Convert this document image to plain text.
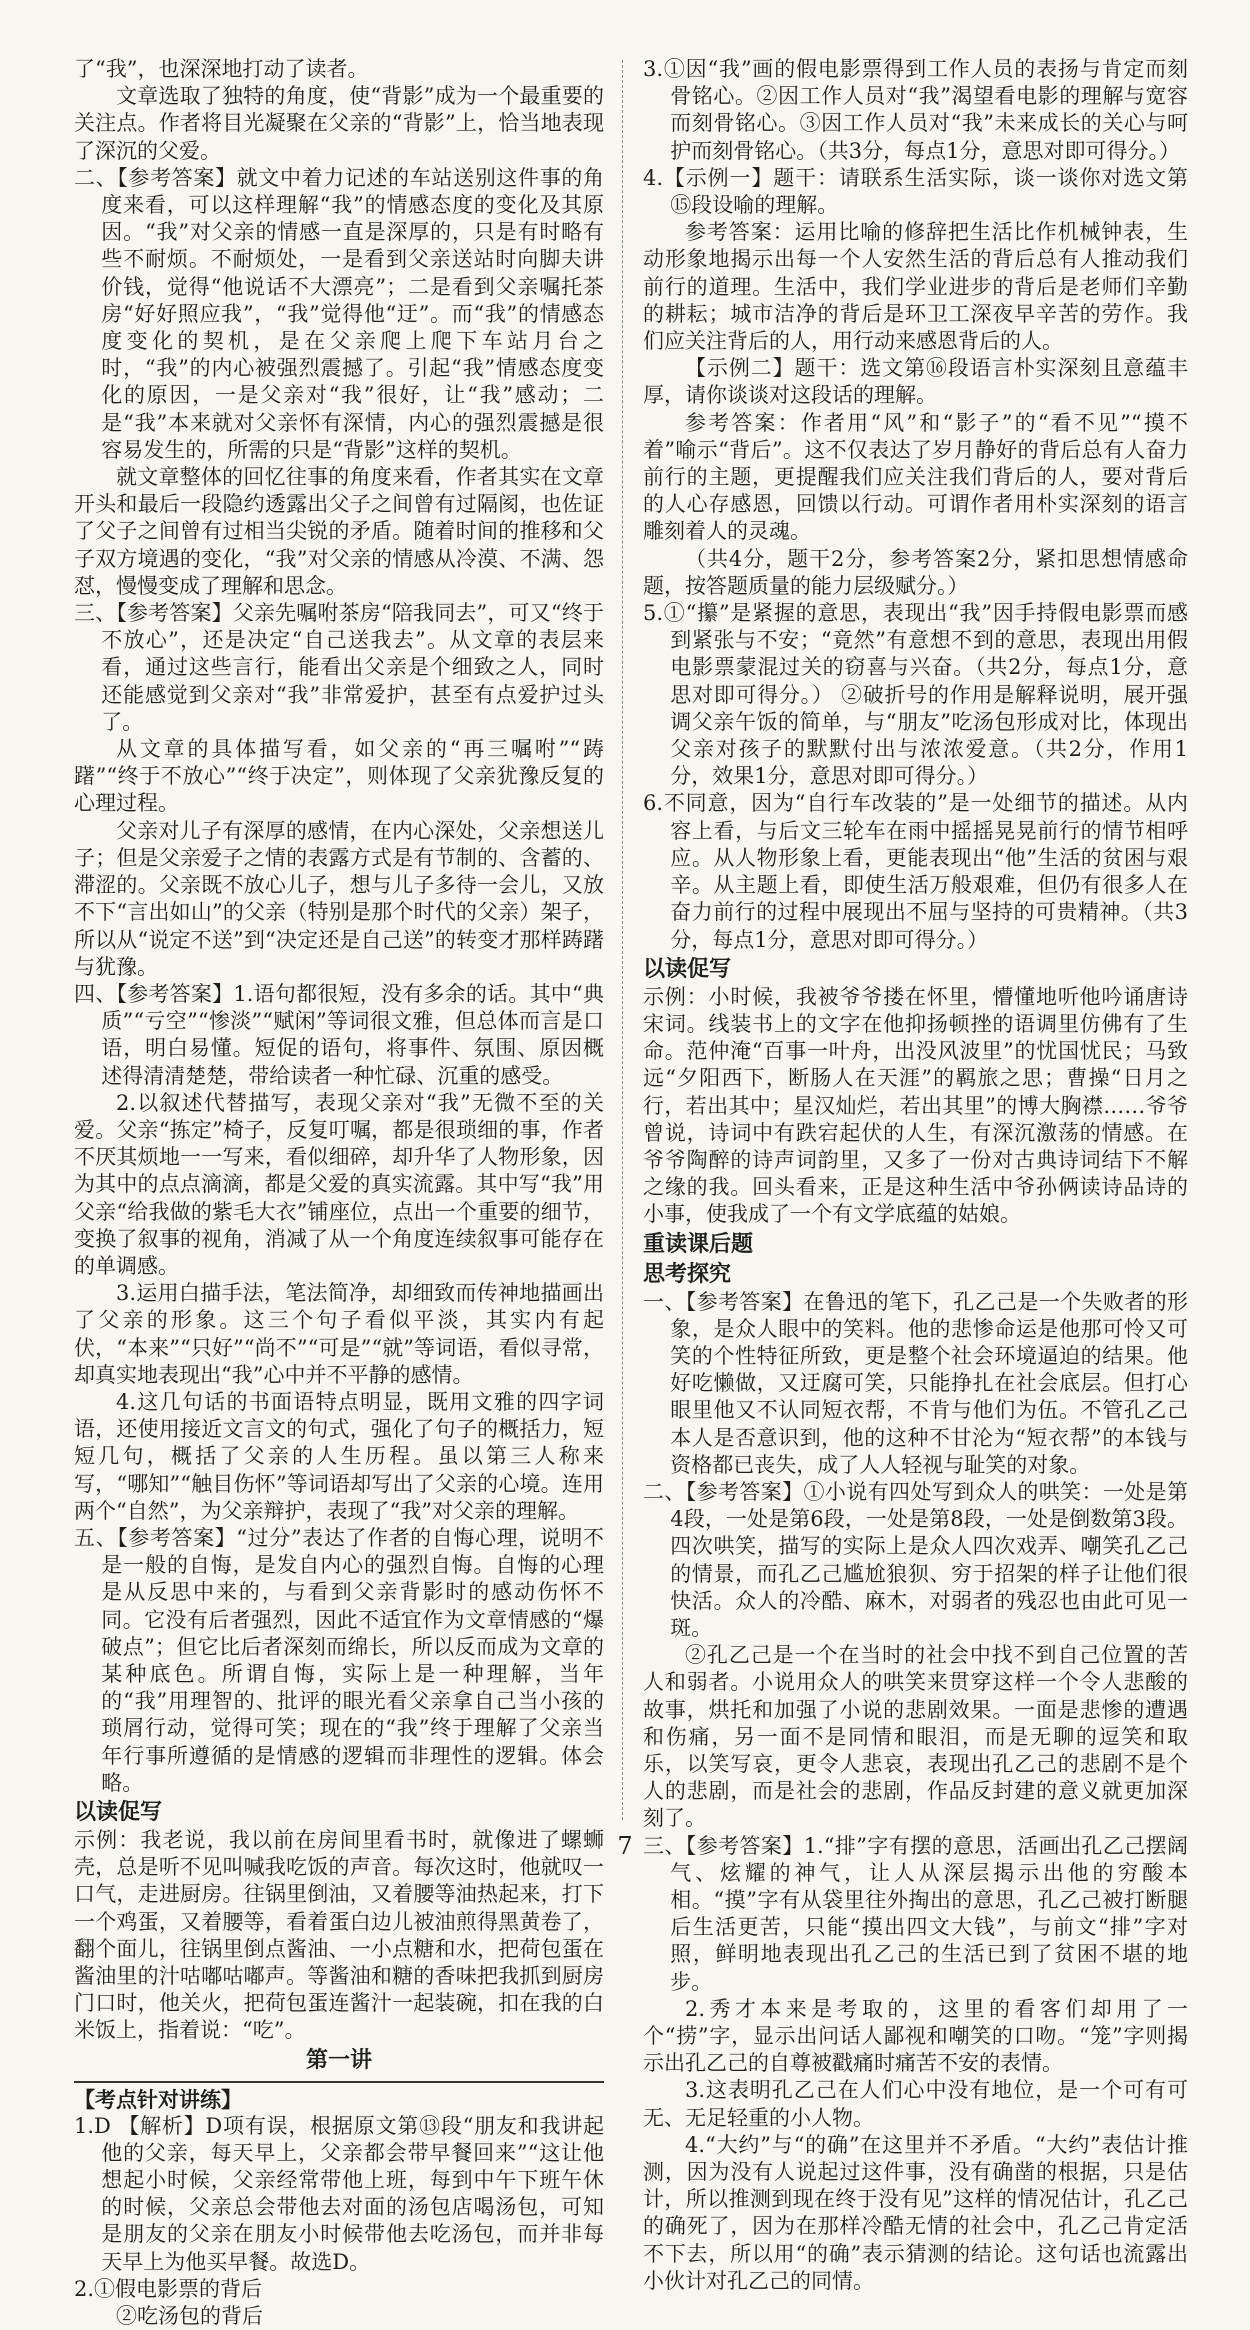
了“我”，也深深地打动了读者。

文章选取了独特的角度，使“背影”成为一个最重要的关注点。作者将目光凝聚在父亲的“背影”上，恰当地表现了深沉的父爱。

二、【参考答案】就文中着力记述的车站送别这件事的角度来看，可以这样理解“我”的情感态度的变化及其原因。“我”对父亲的情感一直是深厚的，只是有时略有些不耐烦。不耐烦处，一是看到父亲送站时向脚夫讲价钱，觉得“他说话不大漂亮”；二是看到父亲嘱托茶房“好好照应我”，“我”觉得他“迂”。而“我”的情感态度变化的契机，是在父亲爬上爬下车站月台之时，“我”的内心被强烈震撼了。引起“我”情感态度变化的原因，一是父亲对“我”很好，让“我”感动；二是“我”本来就对父亲怀有深情，内心的强烈震撼是很容易发生的，所需的只是“背影”这样的契机。

就文章整体的回忆往事的角度来看，作者其实在文章开头和最后一段隐约透露出父子之间曾有过隔阂，也佐证了父子之间曾有过相当尖锐的矛盾。随着时间的推移和父子双方境遇的变化，“我”对父亲的情感从冷漠、不满、怨怼，慢慢变成了理解和思念。

三、【参考答案】父亲先嘱咐茶房“陪我同去”，可又“终于不放心”，还是决定“自己送我去”。从文章的表层来看，通过这些言行，能看出父亲是个细致之人，同时还能感觉到父亲对“我”非常爱护，甚至有点爱护过头了。

从文章的具体描写看，如父亲的“再三嘱咐”“踌躇”“终于不放心”“终于决定”，则体现了父亲犹豫反复的心理过程。

父亲对儿子有深厚的感情，在内心深处，父亲想送儿子；但是父亲爱子之情的表露方式是有节制的、含蓄的、滞涩的。父亲既不放心儿子，想与儿子多待一会儿，又放不下“言出如山”的父亲（特别是那个时代的父亲）架子，所以从“说定不送”到“决定还是自己送”的转变才那样踌躇与犹豫。

四、【参考答案】1.语句都很短，没有多余的话。其中“典质”“亏空”“惨淡”“赋闲”等词很文雅，但总体而言是口语，明白易懂。短促的语句，将事件、氛围、原因概述得清清楚楚，带给读者一种忙碌、沉重的感受。

2.以叙述代替描写，表现父亲对“我”无微不至的关爱。父亲“拣定”椅子，反复叮嘱，都是很琐细的事，作者不厌其烦地一一写来，看似细碎，却升华了人物形象，因为其中的点点滴滴，都是父爱的真实流露。其中写“我”用父亲“给我做的紫毛大衣”铺座位，点出一个重要的细节，变换了叙事的视角，消减了从一个角度连续叙事可能存在的单调感。

3.运用白描手法，笔法简净，却细致而传神地描画出了父亲的形象。这三个句子看似平淡，其实内有起伏，“本来”“只好”“尚不”“可是”“就”等词语，看似寻常，却真实地表现出“我”心中并不平静的感情。

4.这几句话的书面语特点明显，既用文雅的四字词语，还使用接近文言文的句式，强化了句子的概括力，短短几句，概括了父亲的人生历程。虽以第三人称来写，“哪知”“触目伤怀”等词语却写出了父亲的心境。连用两个“自然”，为父亲辩护，表现了“我”对父亲的理解。

五、【参考答案】“过分”表达了作者的自悔心理，说明不是一般的自悔，是发自内心的强烈自悔。自悔的心理是从反思中来的，与看到父亲背影时的感动伤怀不同。它没有后者强烈，因此不适宜作为文章情感的“爆破点”；但它比后者深刻而绵长，所以反而成为文章的某种底色。所谓自悔，实际上是一种理解，当年的“我”用理智的、批评的眼光看父亲拿自己当小孩的琐屑行动，觉得可笑；现在的“我”终于理解了父亲当年行事所遵循的是情感的逻辑而非理性的逻辑。体会略。

以读促写

示例：我老说，我以前在房间里看书时，就像进了螺蛳壳，总是听不见叫喊我吃饭的声音。每次这时，他就叹一口气，走进厨房。往锅里倒油，又着腰等油热起来，打下一个鸡蛋，又着腰等，看着蛋白边儿被油煎得黑黄卷了，翻个面儿，往锅里倒点酱油、一小点糖和水，把荷包蛋在酱油里的汁咕嘟咕嘟声。等酱油和糖的香味把我抓到厨房门口时，他关火，把荷包蛋连酱汁一起装碗，扣在我的白米饭上，指着说：“吃”。

第一讲

【考点针对讲练】

1.D 【解析】D项有误，根据原文第⑬段“朋友和我讲起他的父亲，每天早上，父亲都会带早餐回来”“这让他想起小时候，父亲经常带他上班，每到中午下班午休的时候，父亲总会带他去对面的汤包店喝汤包，可知是朋友的父亲在朋友小时候带他去吃汤包，而并非每天早上为他买早餐。故选D。

2.①假电影票的背后

②吃汤包的背后

3.①因“我”画的假电影票得到工作人员的表扬与肯定而刻骨铭心。②因工作人员对“我”渴望看电影的理解与宽容而刻骨铭心。③因工作人员对“我”未来成长的关心与呵护而刻骨铭心。（共3分，每点1分，意思对即可得分。）

4.【示例一】题干：请联系生活实际，谈一谈你对选文第⑮段设喻的理解。

参考答案：运用比喻的修辞把生活比作机械钟表，生动形象地揭示出每一个人安然生活的背后总有人推动我们前行的道理。生活中，我们学业进步的背后是老师们辛勤的耕耘；城市洁净的背后是环卫工深夜早辛苦的劳作。我们应关注背后的人，用行动来感恩背后的人。

【示例二】题干：选文第⑯段语言朴实深刻且意蕴丰厚，请你谈谈对这段话的理解。

参考答案：作者用“风”和“影子”的“看不见”“摸不着”喻示“背后”。这不仅表达了岁月静好的背后总有人奋力前行的主题，更提醒我们应关注我们背后的人，要对背后的人心存感恩，回馈以行动。可谓作者用朴实深刻的语言雕刻着人的灵魂。

（共4分，题干2分，参考答案2分，紧扣思想情感命题，按答题质量的能力层级赋分。）

5.①“攥”是紧握的意思，表现出“我”因手持假电影票而感到紧张与不安；“竟然”有意想不到的意思，表现出用假电影票蒙混过关的窃喜与兴奋。（共2分，每点1分，意思对即可得分。） ②破折号的作用是解释说明，展开强调父亲午饭的简单，与“朋友”吃汤包形成对比，体现出父亲对孩子的默默付出与浓浓爱意。（共2分，作用1分，效果1分，意思对即可得分。）

6.不同意，因为“自行车改装的”是一处细节的描述。从内容上看，与后文三轮车在雨中摇摇晃晃前行的情节相呼应。从人物形象上看，更能表现出“他”生活的贫困与艰辛。从主题上看，即使生活万般艰难，但仍有很多人在奋力前行的过程中展现出不屈与坚持的可贵精神。（共3分，每点1分，意思对即可得分。）

以读促写

示例：小时候，我被爷爷搂在怀里，懵懂地听他吟诵唐诗宋词。线装书上的文字在他抑扬顿挫的语调里仿佛有了生命。范仲淹“百事一叶舟，出没风波里”的忧国忧民；马致远“夕阳西下，断肠人在天涯”的羁旅之思；曹操“日月之行，若出其中；星汉灿烂，若出其里”的博大胸襟……爷爷曾说，诗词中有跌宕起伏的人生，有深沉激荡的情感。在爷爷陶醉的诗声词韵里，又多了一份对古典诗词结下不解之缘的我。回头看来，正是这种生活中爷孙俩读诗品诗的小事，使我成了一个有文学底蕴的姑娘。

重读课后题

思考探究

一、【参考答案】在鲁迅的笔下，孔乙己是一个失败者的形象，是众人眼中的笑料。他的悲惨命运是他那可怜又可笑的个性特征所致，更是整个社会环境逼迫的结果。他好吃懒做，又迂腐可笑，只能挣扎在社会底层。但打心眼里他又不认同短衣帮，不肯与他们为伍。不管孔乙己本人是否意识到，他的这种不甘沦为“短衣帮”的本钱与资格都已丧失，成了人人轻视与耻笑的对象。

二、【参考答案】①小说有四处写到众人的哄笑：一处是第4段，一处是第6段，一处是第8段，一处是倒数第3段。四次哄笑，描写的实际上是众人四次戏弄、嘲笑孔乙己的情景，而孔乙己尴尬狼狈、穷于招架的样子让他们很快活。众人的冷酷、麻木，对弱者的残忍也由此可见一斑。

②孔乙己是一个在当时的社会中找不到自己位置的苦人和弱者。小说用众人的哄笑来贯穿这样一个令人悲酸的故事，烘托和加强了小说的悲剧效果。一面是悲惨的遭遇和伤痛，另一面不是同情和眼泪，而是无聊的逗笑和取乐，以笑写哀，更令人悲哀，表现出孔乙己的悲剧不是个人的悲剧，而是社会的悲剧，作品反封建的意义就更加深刻了。

三、【参考答案】1.“排”字有摆的意思，活画出孔乙己摆阔气、炫耀的神气，让人从深层揭示出他的穷酸本相。“摸”字有从袋里往外掏出的意思，孔乙己被打断腿后生活更苦，只能“摸出四文大钱”，与前文“排”字对照，鲜明地表现出孔乙己的生活已到了贫困不堪的地步。

2.秀才本来是考取的，这里的看客们却用了一个“捞”字，显示出问话人鄙视和嘲笑的口吻。“笼”字则揭示出孔乙己的自尊被戳痛时痛苦不安的表情。

3.这表明孔乙己在人们心中没有地位，是一个可有可无、无足轻重的小人物。

4.“大约”与“的确”在这里并不矛盾。“大约”表估计推测，因为没有人说起过这件事，没有确凿的根据，只是估计，所以推测到现在终于没有见”这样的情况估计，孔乙己的确死了，因为在那样冷酷无情的社会中，孔乙己肯定活不下去，所以用“的确”表示猜测的结论。这句话也流露出小伙计对孔乙己的同情。

7
